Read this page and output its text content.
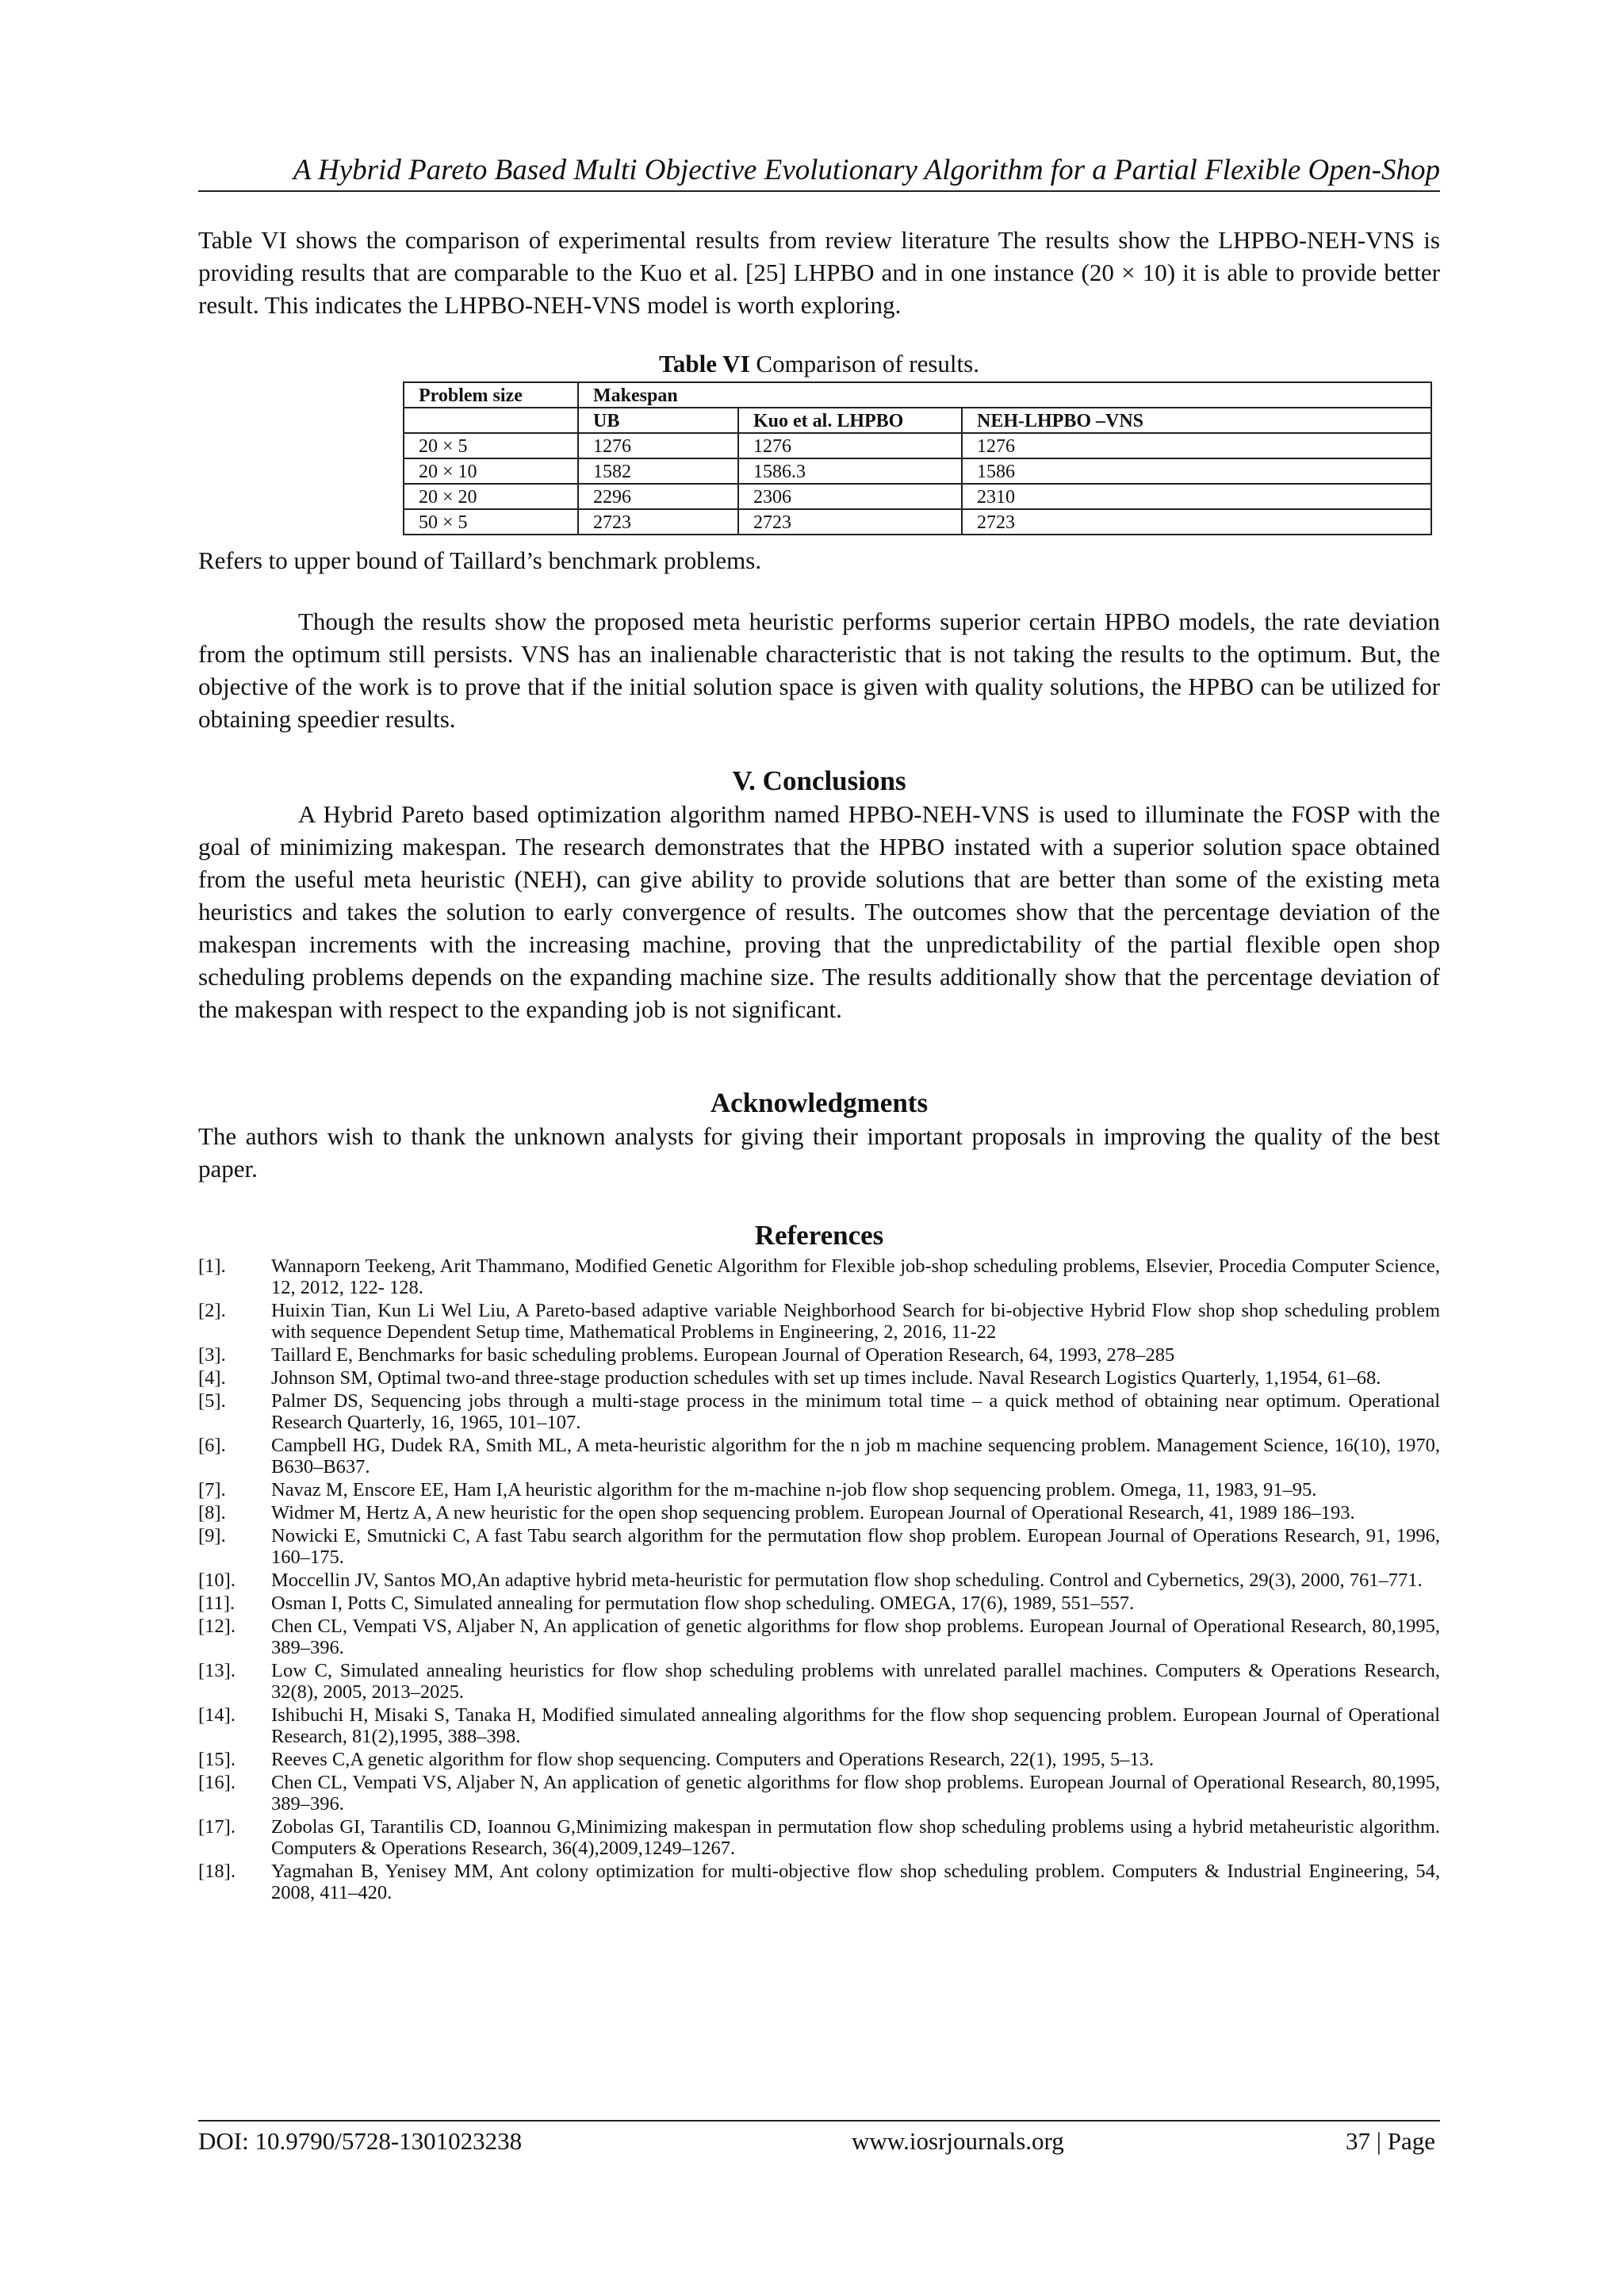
A Hybrid Pareto Based Multi Objective Evolutionary Algorithm for a Partial Flexible Open-Shop

Table VI shows the comparison of experimental results from review literature The results show the LHPBO-NEH-VNS is providing results that are comparable to the Kuo et al. [25] LHPBO and in one instance (20 × 10) it is able to provide better result. This indicates the LHPBO-NEH-VNS model is worth exploring.

Table VI Comparison of results.
Problem size	Makespan		
	UB	Kuo et al. LHPBO	NEH-LHPBO –VNS
20 × 5	1276	1276	1276
20 × 10	1582	1586.3	1586
20 × 20	2296	2306	2310
50 × 5	2723	2723	2723
Refers to upper bound of Taillard’s benchmark problems.

Though the results show the proposed meta heuristic performs superior certain HPBO models, the rate deviation from the optimum still persists. VNS has an inalienable characteristic that is not taking the results to the optimum. But, the objective of the work is to prove that if the initial solution space is given with quality solutions, the HPBO can be utilized for obtaining speedier results.

V. Conclusions

A Hybrid Pareto based optimization algorithm named HPBO-NEH-VNS is used to illuminate the FOSP with the goal of minimizing makespan. The research demonstrates that the HPBO instated with a superior solution space obtained from the useful meta heuristic (NEH), can give ability to provide solutions that are better than some of the existing meta heuristics and takes the solution to early convergence of results. The outcomes show that the percentage deviation of the makespan increments with the increasing machine, proving that the unpredictability of the partial flexible open shop scheduling problems depends on the expanding machine size. The results additionally show that the percentage deviation of the makespan with respect to the expanding job is not significant.

Acknowledgments

The authors wish to thank the unknown analysts for giving their important proposals in improving the quality of the best paper.

References
[1]. Wannaporn Teekeng, Arit Thammano, Modified Genetic Algorithm for Flexible job-shop scheduling problems, Elsevier, Procedia Computer Science, 12, 2012, 122- 128.
[2]. Huixin Tian, Kun Li Wel Liu, A Pareto-based adaptive variable Neighborhood Search for bi-objective Hybrid Flow shop shop scheduling problem with sequence Dependent Setup time, Mathematical Problems in Engineering, 2, 2016, 11-22
[3]. Taillard E, Benchmarks for basic scheduling problems. European Journal of Operation Research, 64, 1993, 278–285
[4]. Johnson SM, Optimal two-and three-stage production schedules with set up times include. Naval Research Logistics Quarterly, 1,1954, 61–68.
[5]. Palmer DS, Sequencing jobs through a multi-stage process in the minimum total time – a quick method of obtaining near optimum. Operational Research Quarterly, 16, 1965, 101–107.
[6]. Campbell HG, Dudek RA, Smith ML, A meta-heuristic algorithm for the n job m machine sequencing problem. Management Science, 16(10), 1970, B630–B637.
[7]. Navaz M, Enscore EE, Ham I,A heuristic algorithm for the m-machine n-job flow shop sequencing problem. Omega, 11, 1983, 91–95.
[8]. Widmer M, Hertz A, A new heuristic for the open shop sequencing problem. European Journal of Operational Research, 41, 1989 186–193.
[9]. Nowicki E, Smutnicki C, A fast Tabu search algorithm for the permutation flow shop problem. European Journal of Operations Research, 91, 1996, 160–175.
[10]. Moccellin JV, Santos MO,An adaptive hybrid meta-heuristic for permutation flow shop scheduling. Control and Cybernetics, 29(3), 2000, 761–771.
[11]. Osman I, Potts C, Simulated annealing for permutation flow shop scheduling. OMEGA, 17(6), 1989, 551–557.
[12]. Chen CL, Vempati VS, Aljaber N, An application of genetic algorithms for flow shop problems. European Journal of Operational Research, 80,1995, 389–396.
[13]. Low C, Simulated annealing heuristics for flow shop scheduling problems with unrelated parallel machines. Computers & Operations Research, 32(8), 2005, 2013–2025.
[14]. Ishibuchi H, Misaki S, Tanaka H, Modified simulated annealing algorithms for the flow shop sequencing problem. European Journal of Operational Research, 81(2),1995, 388–398.
[15]. Reeves C,A genetic algorithm for flow shop sequencing. Computers and Operations Research, 22(1), 1995, 5–13.
[16]. Chen CL, Vempati VS, Aljaber N, An application of genetic algorithms for flow shop problems. European Journal of Operational Research, 80,1995, 389–396.
[17]. Zobolas GI, Tarantilis CD, Ioannou G,Minimizing makespan in permutation flow shop scheduling problems using a hybrid metaheuristic algorithm. Computers & Operations Research, 36(4),2009,1249–1267.
[18]. Yagmahan B, Yenisey MM, Ant colony optimization for multi-objective flow shop scheduling problem. Computers & Industrial Engineering, 54, 2008, 411–420.
DOI: 10.9790/5728-1301023238	www.iosrjournals.org	37 | Page
